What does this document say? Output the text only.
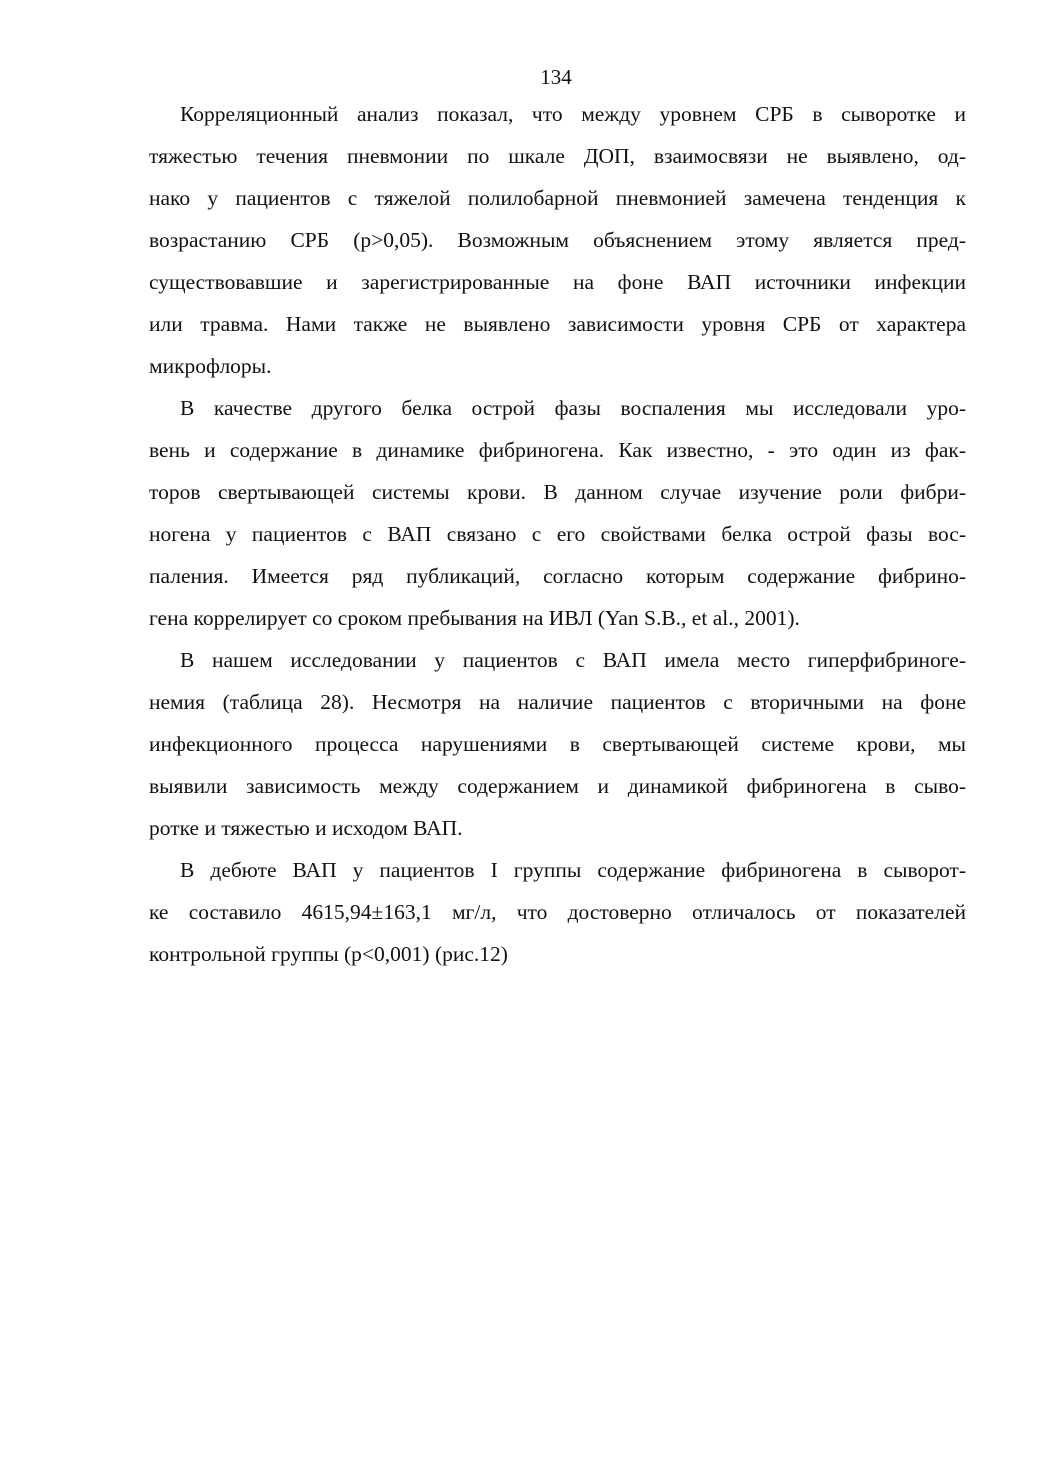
134
Корреляционный анализ показал, что между уровнем СРБ в сыворотке и
тяжестью течения пневмонии по шкале ДОП, взаимосвязи не выявлено, од-
нако у пациентов с тяжелой полилобарной пневмонией замечена тенденция к
возрастанию СРБ (р>0,05). Возможным объяснением этому является пред-
существовавшие и зарегистрированные на фоне ВАП источники инфекции
или травма. Нами также не выявлено зависимости уровня СРБ от характера
микрофлоры.
В качестве другого белка острой фазы воспаления мы исследовали уро-
вень и содержание в динамике фибриногена. Как известно, - это один из фак-
торов свертывающей системы крови. В данном случае изучение роли фибри-
ногена у пациентов с ВАП связано с его свойствами белка острой фазы вос-
паления. Имеется ряд публикаций, согласно которым содержание фибрино-
гена коррелирует со сроком пребывания на ИВЛ (Yan S.B., et al., 2001).
В нашем исследовании у пациентов с ВАП имела место гиперфибриноге-
немия (таблица 28). Несмотря на наличие пациентов с вторичными на фоне
инфекционного процесса нарушениями в свертывающей системе крови, мы
выявили зависимость между содержанием и динамикой фибриногена в сыво-
ротке и тяжестью и исходом ВАП.
В дебюте ВАП у пациентов I группы содержание фибриногена в сыворот-
ке составило 4615,94±163,1 мг/л, что достоверно отличалось от показателей
контрольной группы (р<0,001) (рис.12)
